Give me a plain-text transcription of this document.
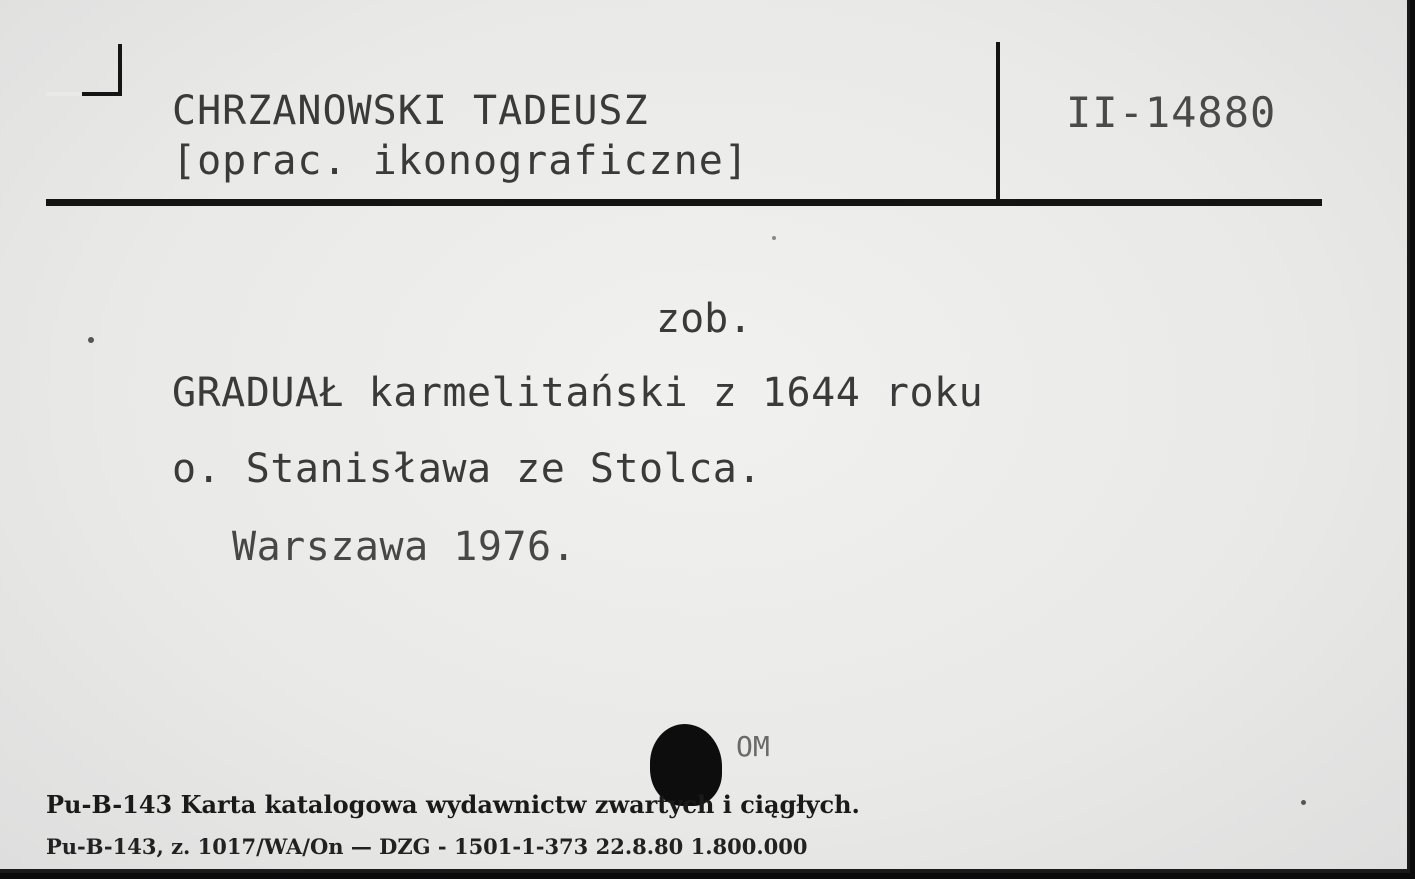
CHRZANOWSKI TADEUSZ
[oprac. ikonograficzne]
II-14880
zob.
GRADUAŁ karmelitański z 1644 roku
o. Stanisława ze Stolca.
Warszawa 1976.
MO
Pu-B-143 Karta katalogowa wydawnictw zwartych i ciągłych.
Pu-B-143, z. 1017/WA/On — DZG - 1501-1-373 22.8.80 1.800.000
